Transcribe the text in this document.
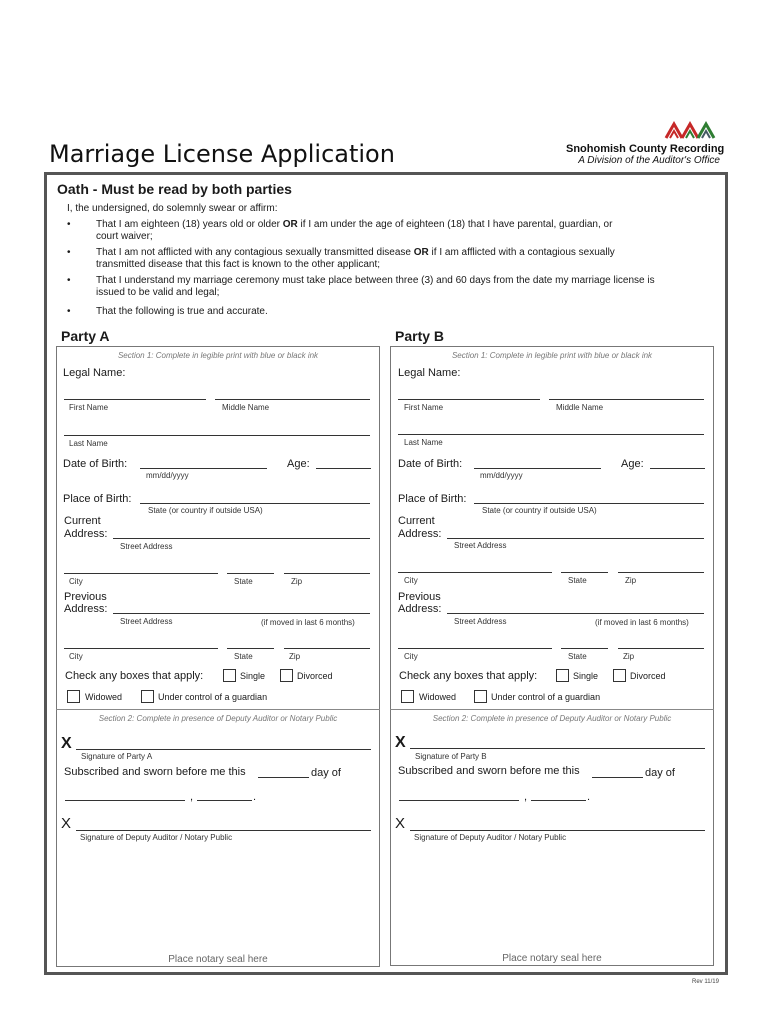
Marriage License Application	Snohomish County Recording
A Division of the Auditor's Office
Oath - Must be read by both parties
I, the undersigned, do solemnly swear or affirm:
•	That I am eighteen (18) years old or older OR if I am under the age of eighteen (18) that I have parental, guardian, or
court waiver;
•	That I am not afflicted with any contagious sexually transmitted disease OR if I am afflicted with a contagious sexually
transmitted disease that this fact is known to the other applicant;
•	That I understand my marriage ceremony must take place between three (3) and 60 days from the date my marriage license is
issued to be valid and legal;
•	That the following is true and accurate.
Party A
Section 1: Complete in legible print with blue or black ink
Legal Name:
First Name	Middle Name
Last Name
Date of Birth:
mm/dd/yyyy
Age:
Place of Birth:
State (or country if outside USA)
Current
Address:
Street Address
City	State	Zip
Previous
Address:
Street Address	(if moved in last 6 months)
City	State	Zip
Check any boxes that apply:	Single	Divorced
Widowed	Under control of a guardian
Section 2: Complete in presence of Deputy Auditor or Notary Public
X
Signature of Party A
Subscribed and sworn before me this	day of
,	.
X
Signature of Deputy Auditor / Notary Public
Place notary seal here
Party B
Section 1: Complete in legible print with blue or black ink
Legal Name:
First Name	Middle Name
Last Name
Date of Birth:
mm/dd/yyyy
Age:
Place of Birth:
State (or country if outside USA)
Current
Address:
Street Address
City	State	Zip
Previous
Address:
Street Address	(if moved in last 6 months)
City	State	Zip
Check any boxes that apply:	Single	Divorced
Widowed	Under control of a guardian
Section 2: Complete in presence of Deputy Auditor or Notary Public
X
Signature of Party B
Subscribed and sworn before me this	day of
,	.
X
Signature of Deputy Auditor / Notary Public
Place notary seal here
Rev 11/19
